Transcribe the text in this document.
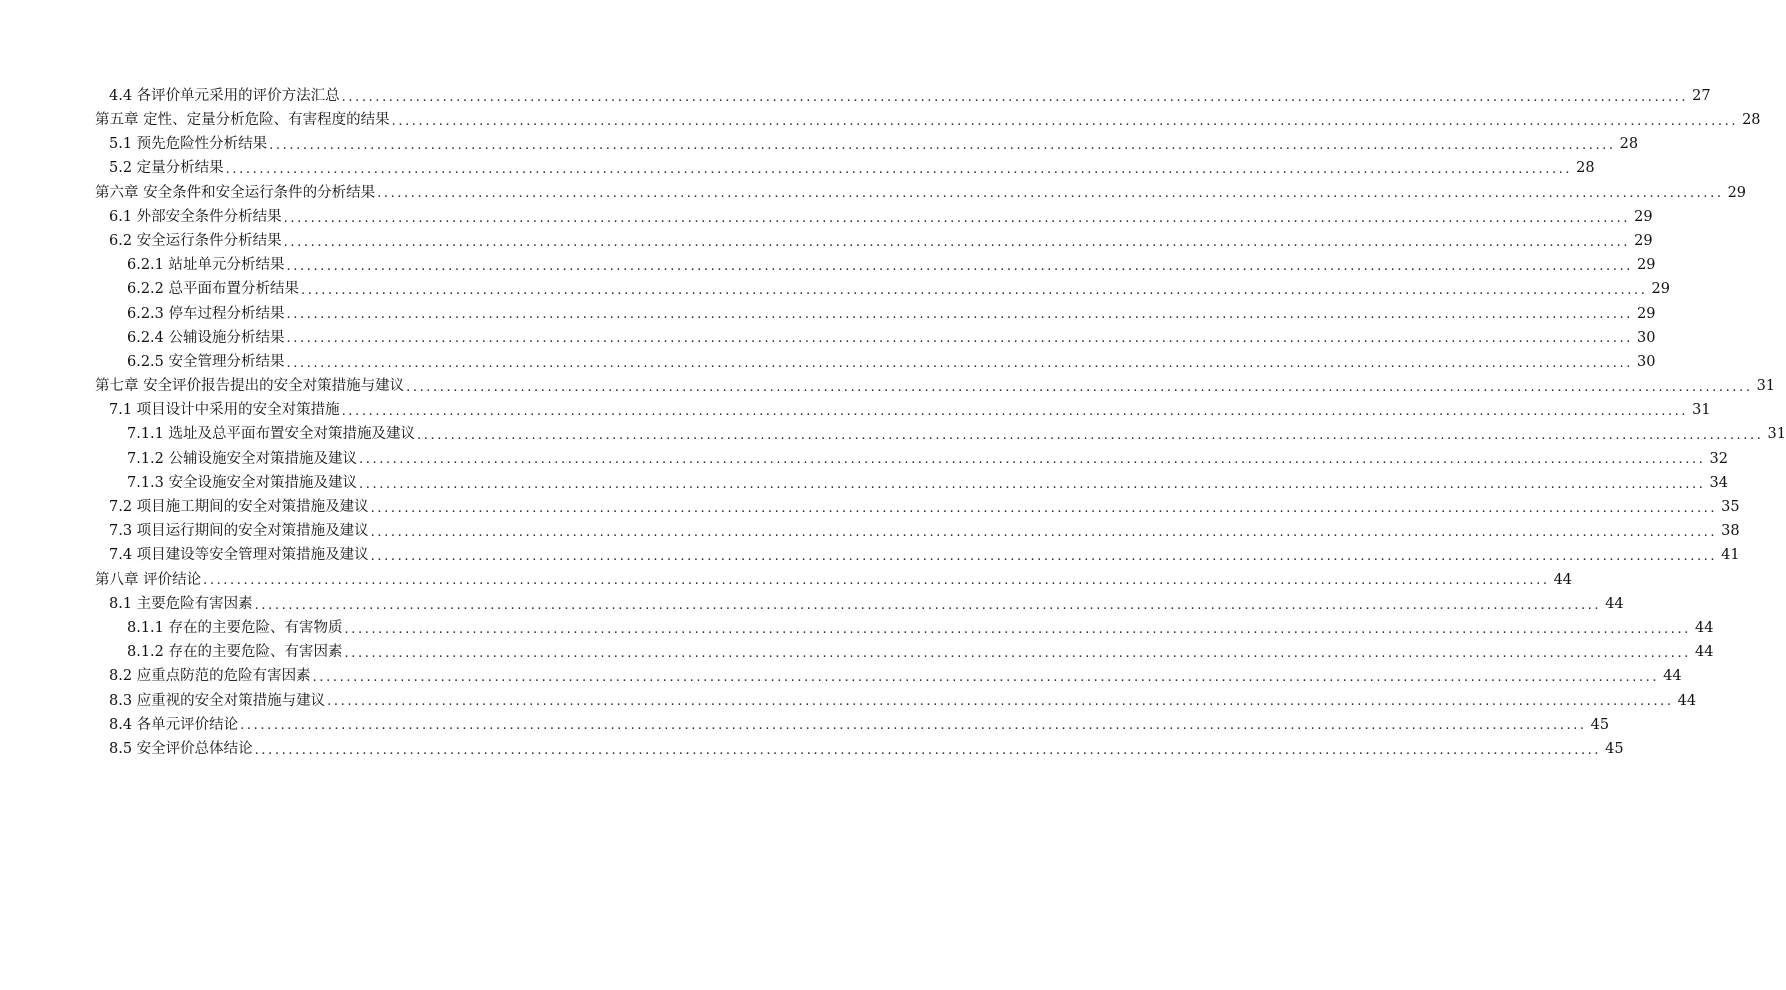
4.4 各评价单元采用的评价方法汇总 ........................................................................................................................................................................................................ 27
第五章 定性、定量分析危险、有害程度的结果 ........................................................................................................................................................................................................ 28
5.1 预先危险性分析结果 ........................................................................................................................................................................................................ 28
5.2 定量分析结果 ........................................................................................................................................................................................................ 28
第六章 安全条件和安全运行条件的分析结果 ........................................................................................................................................................................................................ 29
6.1 外部安全条件分析结果 ........................................................................................................................................................................................................ 29
6.2 安全运行条件分析结果 ........................................................................................................................................................................................................ 29
6.2.1 站址单元分析结果 ........................................................................................................................................................................................................ 29
6.2.2 总平面布置分析结果 ........................................................................................................................................................................................................ 29
6.2.3 停车过程分析结果 ........................................................................................................................................................................................................ 29
6.2.4 公辅设施分析结果 ........................................................................................................................................................................................................ 30
6.2.5 安全管理分析结果 ........................................................................................................................................................................................................ 30
第七章 安全评价报告提出的安全对策措施与建议 ........................................................................................................................................................................................................ 31
7.1 项目设计中采用的安全对策措施 ........................................................................................................................................................................................................ 31
7.1.1 选址及总平面布置安全对策措施及建议 ........................................................................................................................................................................................................ 31
7.1.2 公辅设施安全对策措施及建议 ........................................................................................................................................................................................................ 32
7.1.3 安全设施安全对策措施及建议 ........................................................................................................................................................................................................ 34
7.2 项目施工期间的安全对策措施及建议 ........................................................................................................................................................................................................ 35
7.3 项目运行期间的安全对策措施及建议 ........................................................................................................................................................................................................ 38
7.4 项目建设等安全管理对策措施及建议 ........................................................................................................................................................................................................ 41
第八章 评价结论 ........................................................................................................................................................................................................ 44
8.1 主要危险有害因素 ........................................................................................................................................................................................................ 44
8.1.1 存在的主要危险、有害物质 ........................................................................................................................................................................................................ 44
8.1.2 存在的主要危险、有害因素 ........................................................................................................................................................................................................ 44
8.2 应重点防范的危险有害因素 ........................................................................................................................................................................................................ 44
8.3 应重视的安全对策措施与建议 ........................................................................................................................................................................................................ 44
8.4 各单元评价结论 ........................................................................................................................................................................................................ 45
8.5 安全评价总体结论 ........................................................................................................................................................................................................ 45
